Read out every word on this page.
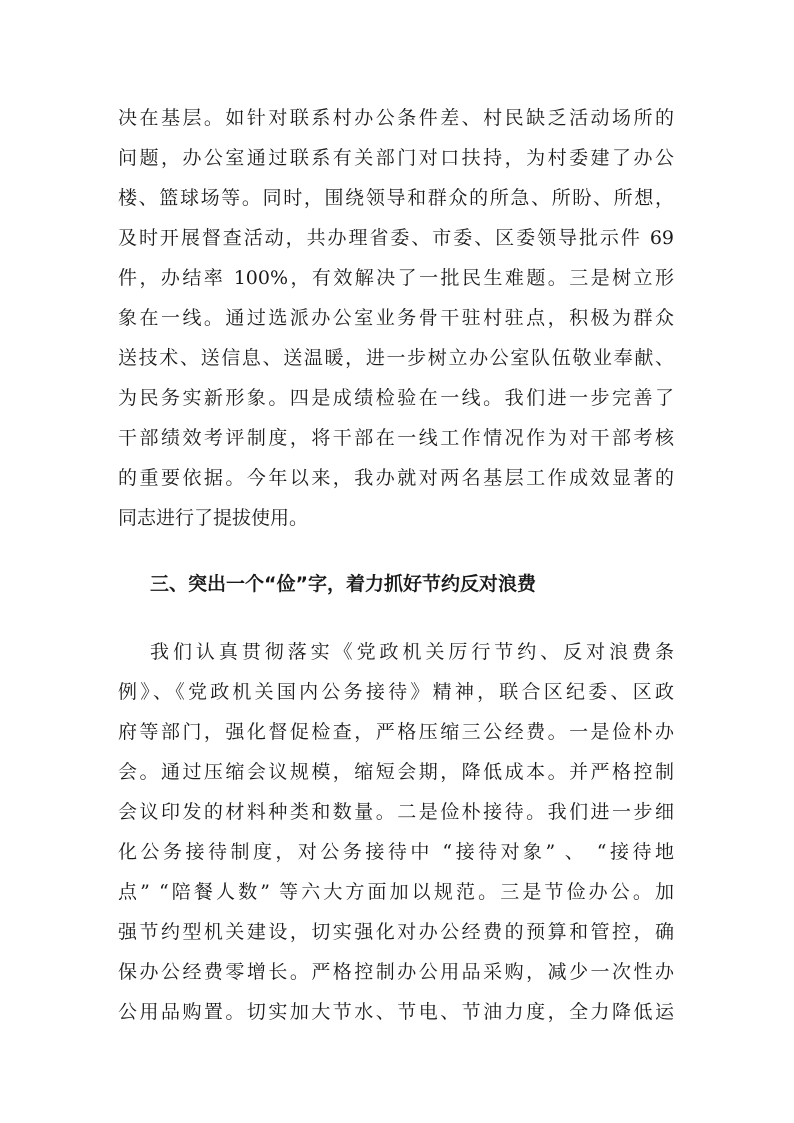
决在基层。如针对联系村办公条件差、村民缺乏活动场所的
问题，办公室通过联系有关部门对口扶持，为村委建了办公
楼、篮球场等。同时，围绕领导和群众的所急、所盼、所想，
及时开展督查活动，共办理省委、市委、区委领导批示件 69
件，办结率 100%，有效解决了一批民生难题。三是树立形
象在一线。通过选派办公室业务骨干驻村驻点，积极为群众
送技术、送信息、送温暖，进一步树立办公室队伍敬业奉献、
为民务实新形象。四是成绩检验在一线。我们进一步完善了
干部绩效考评制度，将干部在一线工作情况作为对干部考核
的重要依据。今年以来，我办就对两名基层工作成效显著的
同志进行了提拔使用。
三、突出一个“俭”字，着力抓好节约反对浪费
我们认真贯彻落实《党政机关厉行节约、反对浪费条
例》、《党政机关国内公务接待》精神，联合区纪委、区政
府等部门，强化督促检查，严格压缩三公经费。一是俭朴办
会。通过压缩会议规模，缩短会期，降低成本。并严格控制
会议印发的材料种类和数量。二是俭朴接待。我们进一步细
化公务接待制度，对公务接待中 “接待对象” 、 “接待地
点” “陪餐人数” 等六大方面加以规范。三是节俭办公。加
强节约型机关建设，切实强化对办公经费的预算和管控，确
保办公经费零增长。严格控制办公用品采购，减少一次性办
公用品购置。切实加大节水、节电、节油力度，全力降低运
